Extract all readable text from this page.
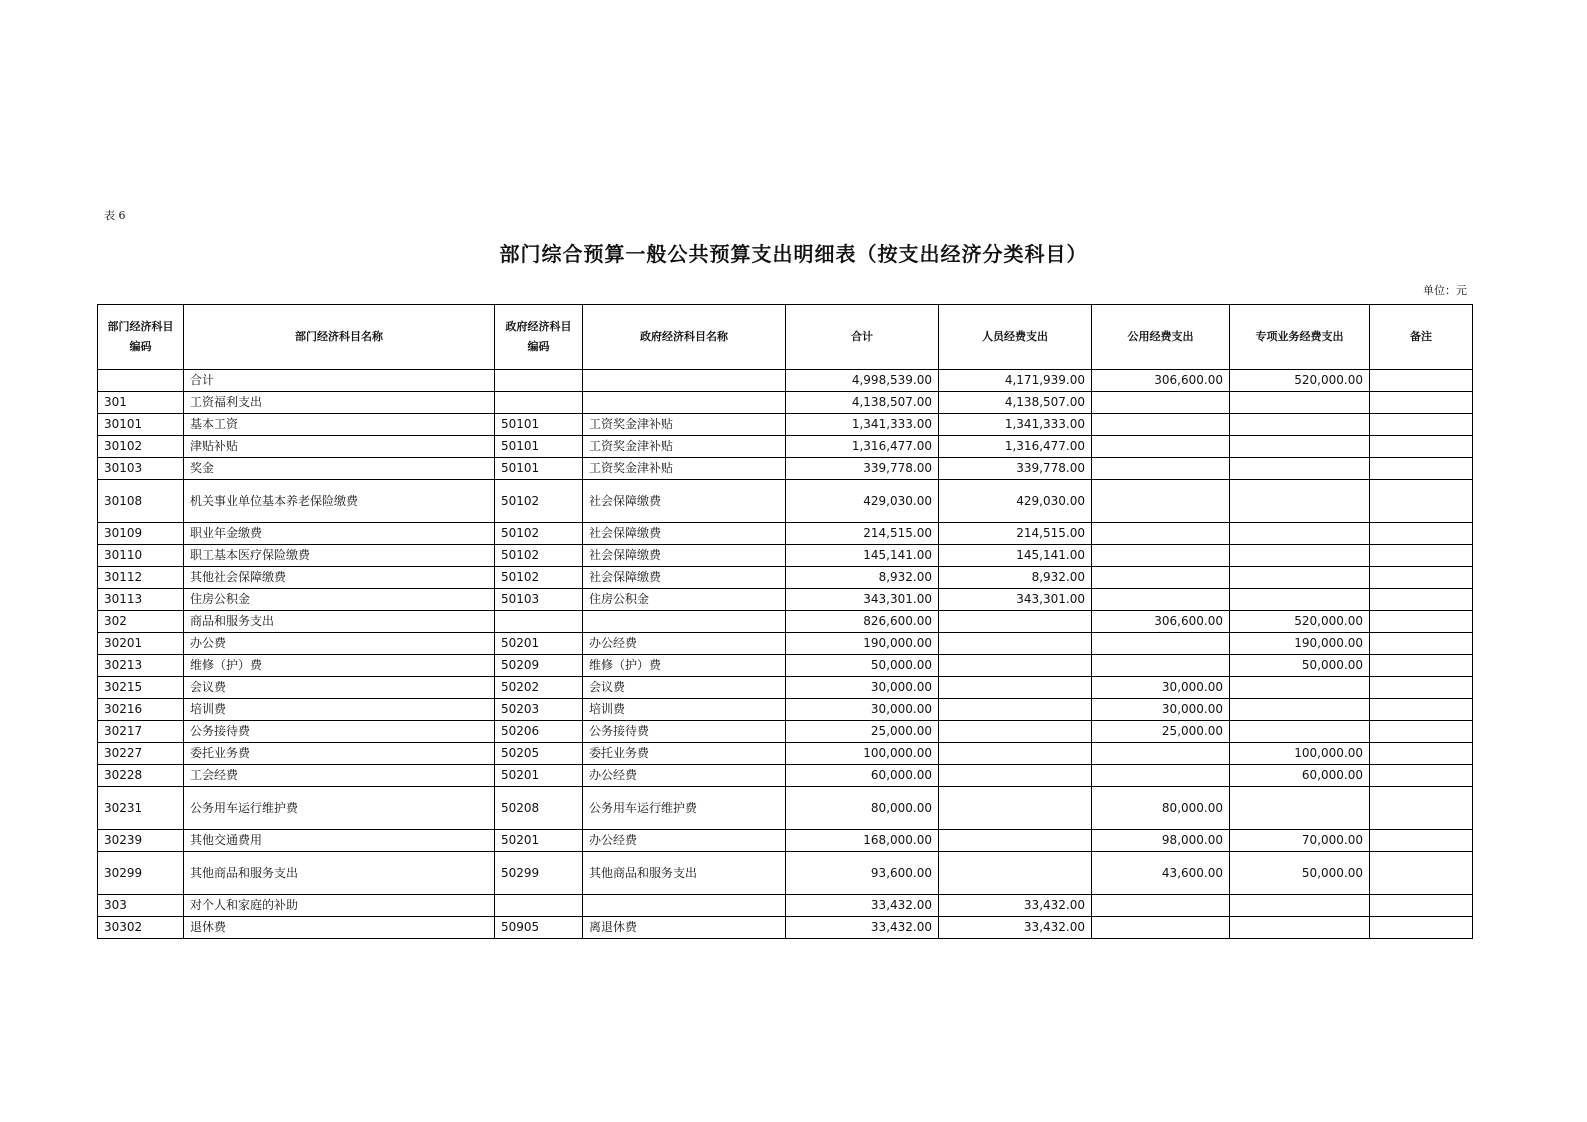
表 6
部门综合预算一般公共预算支出明细表（按支出经济分类科目）
单位：元
部门经济科目编码	部门经济科目名称	政府经济科目编码	政府经济科目名称	合计	人员经费支出	公用经费支出	专项业务经费支出	备注
	合计			4,998,539.00	4,171,939.00	306,600.00	520,000.00	
301	工资福利支出			4,138,507.00	4,138,507.00			
30101	基本工资	50101	工资奖金津补贴	1,341,333.00	1,341,333.00			
30102	津贴补贴	50101	工资奖金津补贴	1,316,477.00	1,316,477.00			
30103	奖金	50101	工资奖金津补贴	339,778.00	339,778.00			
30108	机关事业单位基本养老保险缴费	50102	社会保障缴费	429,030.00	429,030.00			
30109	职业年金缴费	50102	社会保障缴费	214,515.00	214,515.00			
30110	职工基本医疗保险缴费	50102	社会保障缴费	145,141.00	145,141.00			
30112	其他社会保障缴费	50102	社会保障缴费	8,932.00	8,932.00			
30113	住房公积金	50103	住房公积金	343,301.00	343,301.00			
302	商品和服务支出			826,600.00		306,600.00	520,000.00	
30201	办公费	50201	办公经费	190,000.00			190,000.00	
30213	维修（护）费	50209	维修（护）费	50,000.00			50,000.00	
30215	会议费	50202	会议费	30,000.00		30,000.00		
30216	培训费	50203	培训费	30,000.00		30,000.00		
30217	公务接待费	50206	公务接待费	25,000.00		25,000.00		
30227	委托业务费	50205	委托业务费	100,000.00			100,000.00	
30228	工会经费	50201	办公经费	60,000.00			60,000.00	
30231	公务用车运行维护费	50208	公务用车运行维护费	80,000.00		80,000.00		
30239	其他交通费用	50201	办公经费	168,000.00		98,000.00	70,000.00	
30299	其他商品和服务支出	50299	其他商品和服务支出	93,600.00		43,600.00	50,000.00	
303	对个人和家庭的补助			33,432.00	33,432.00			
30302	退休费	50905	离退休费	33,432.00	33,432.00			
